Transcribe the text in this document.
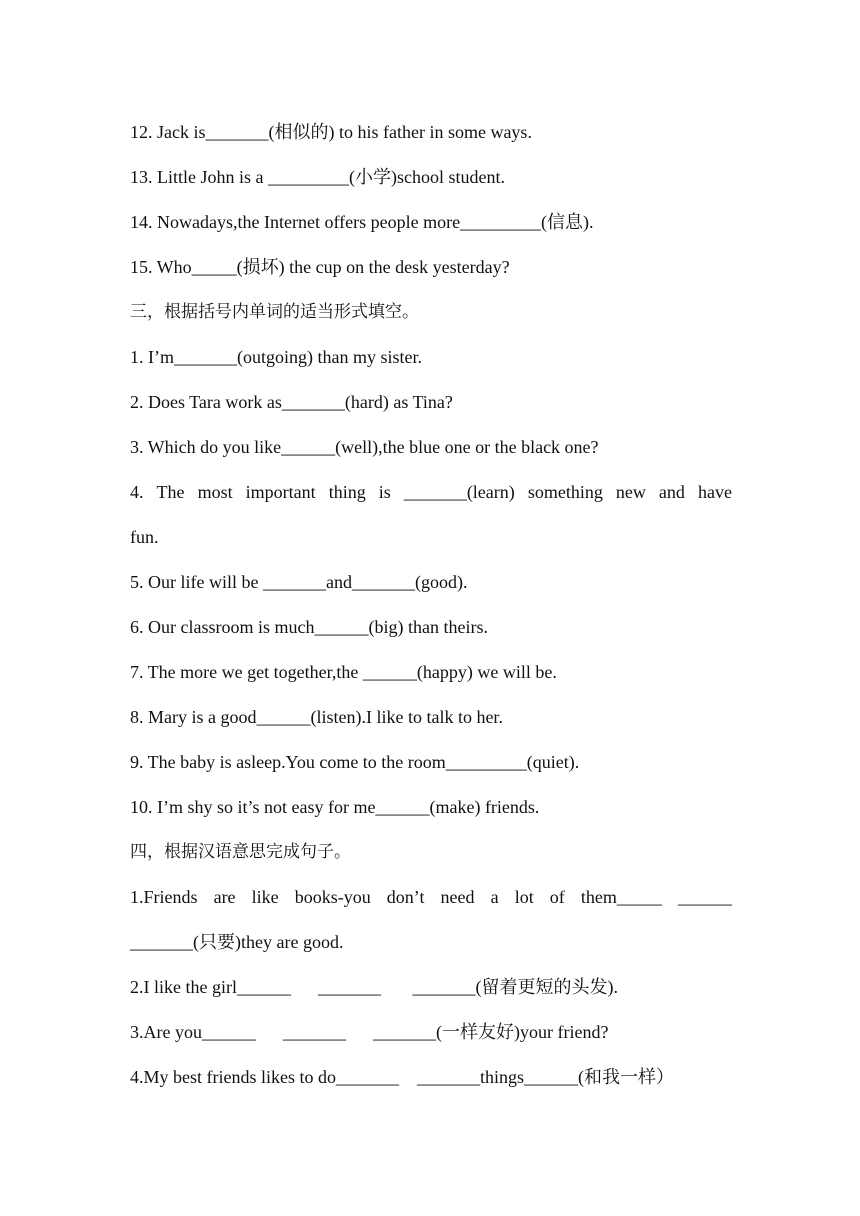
12. Jack is_______(相似的) to his father in some ways.
13. Little John is a _________(小学)school student.
14. Nowadays,the Internet offers people more_________(信息).
15. Who_____(损坏) the cup on the desk yesterday?
三，根据括号内单词的适当形式填空。
1. I’m_______(outgoing) than my sister.
2. Does Tara work as_______(hard) as Tina?
3. Which do you like______(well),the blue one or the black one?
4. The most important thing is _______(learn) something new and have
fun.
5. Our life will be _______and_______(good).
6. Our classroom is much______(big) than theirs.
7. The more we get together,the ______(happy) we will be.
8. Mary is a good______(listen).I like to talk to her.
9. The baby is asleep.You come to the room_________(quiet).
10. I’m shy so it’s not easy for me______(make) friends.
四，根据汉语意思完成句子。
1.Friends are like books-you don’t need a lot of them_____ ______
_______(只要)they are good.
2.I like the girl______      _______       _______(留着更短的头发).
3.Are you______      _______      _______(一样友好)your friend?
4.My best friends likes to do_______    _______things______(和我一样）
